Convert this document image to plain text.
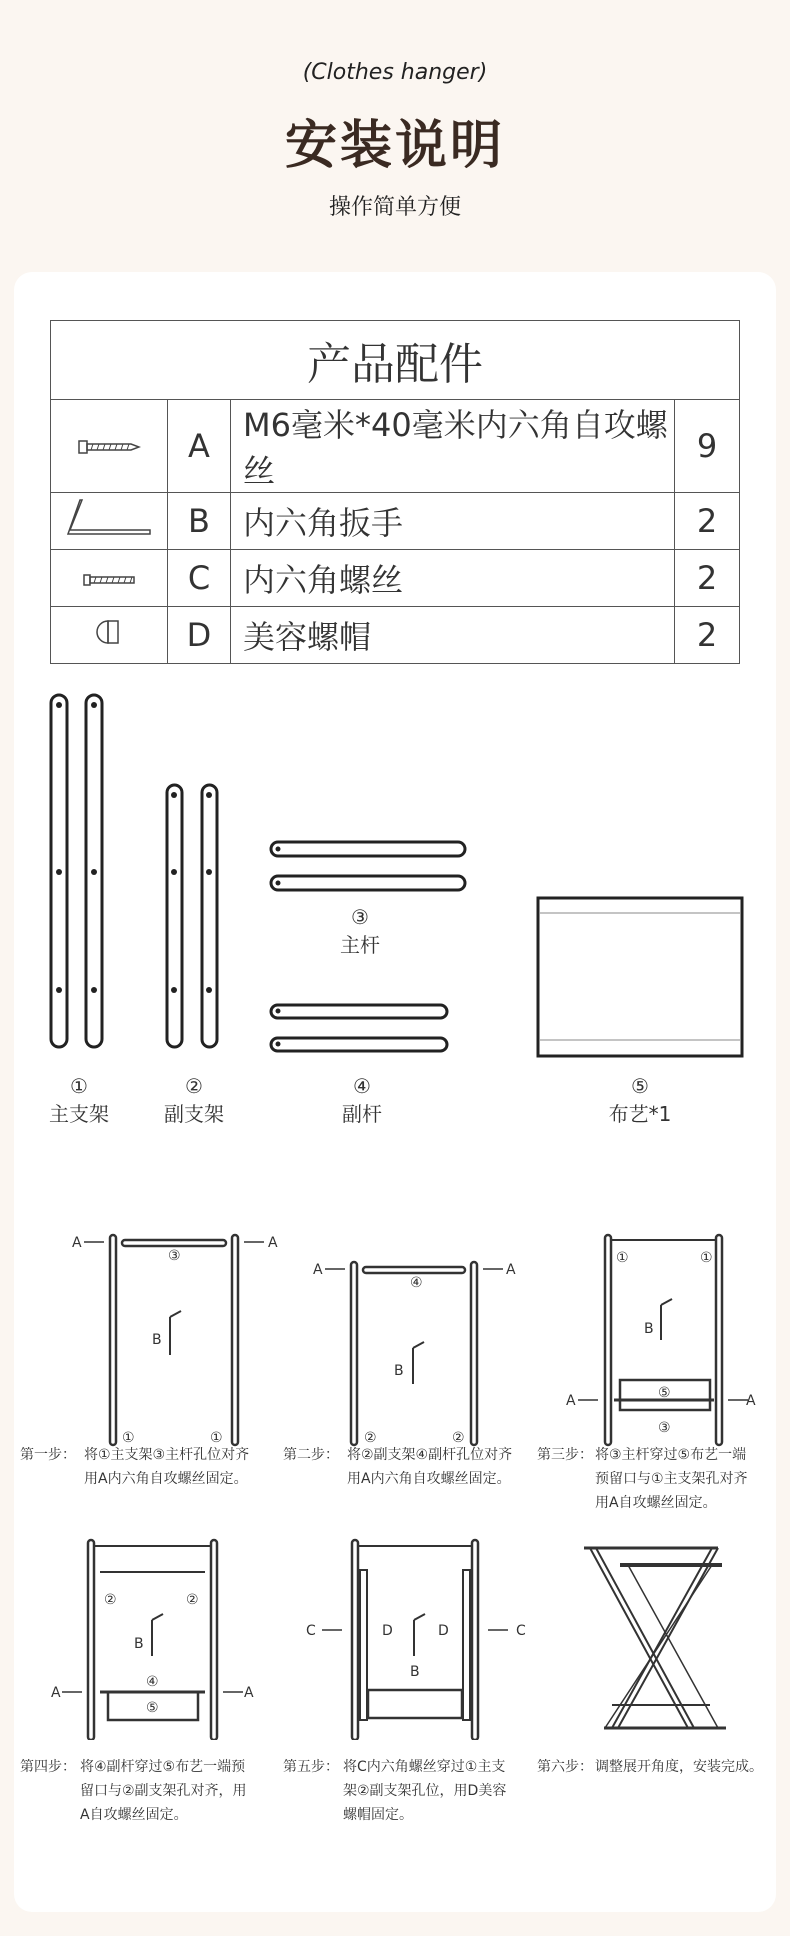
(Clothes hanger)
安装说明
操作简单方便
产品配件			
	A	M6毫米*40毫米内六角自攻螺丝	9
	B	内六角扳手	2
	C	内六角螺丝	2
	D	美容螺帽	2
③
主杆
①
主支架
②
副支架
④
副杆
⑤
布艺*1
A	A
③
B
①	①
A	A
④
B
②	②
①	①
B
⑤
A	A
③
②	②
B
④
⑤
A	A
C	C
D	D
B
第一步： 将①主支架③主杆孔位对齐
用A内六角自攻螺丝固定。
第二步： 将②副支架④副杆孔位对齐
用A内六角自攻螺丝固定。
第三步： 将③主杆穿过⑤布艺一端
预留口与①主支架孔对齐
用A自攻螺丝固定。
第四步： 将④副杆穿过⑤布艺一端预
留口与②副支架孔对齐，用
A自攻螺丝固定。
第五步： 将C内六角螺丝穿过①主支
架②副支架孔位，用D美容
螺帽固定。
第六步： 调整展开角度，安装完成。
